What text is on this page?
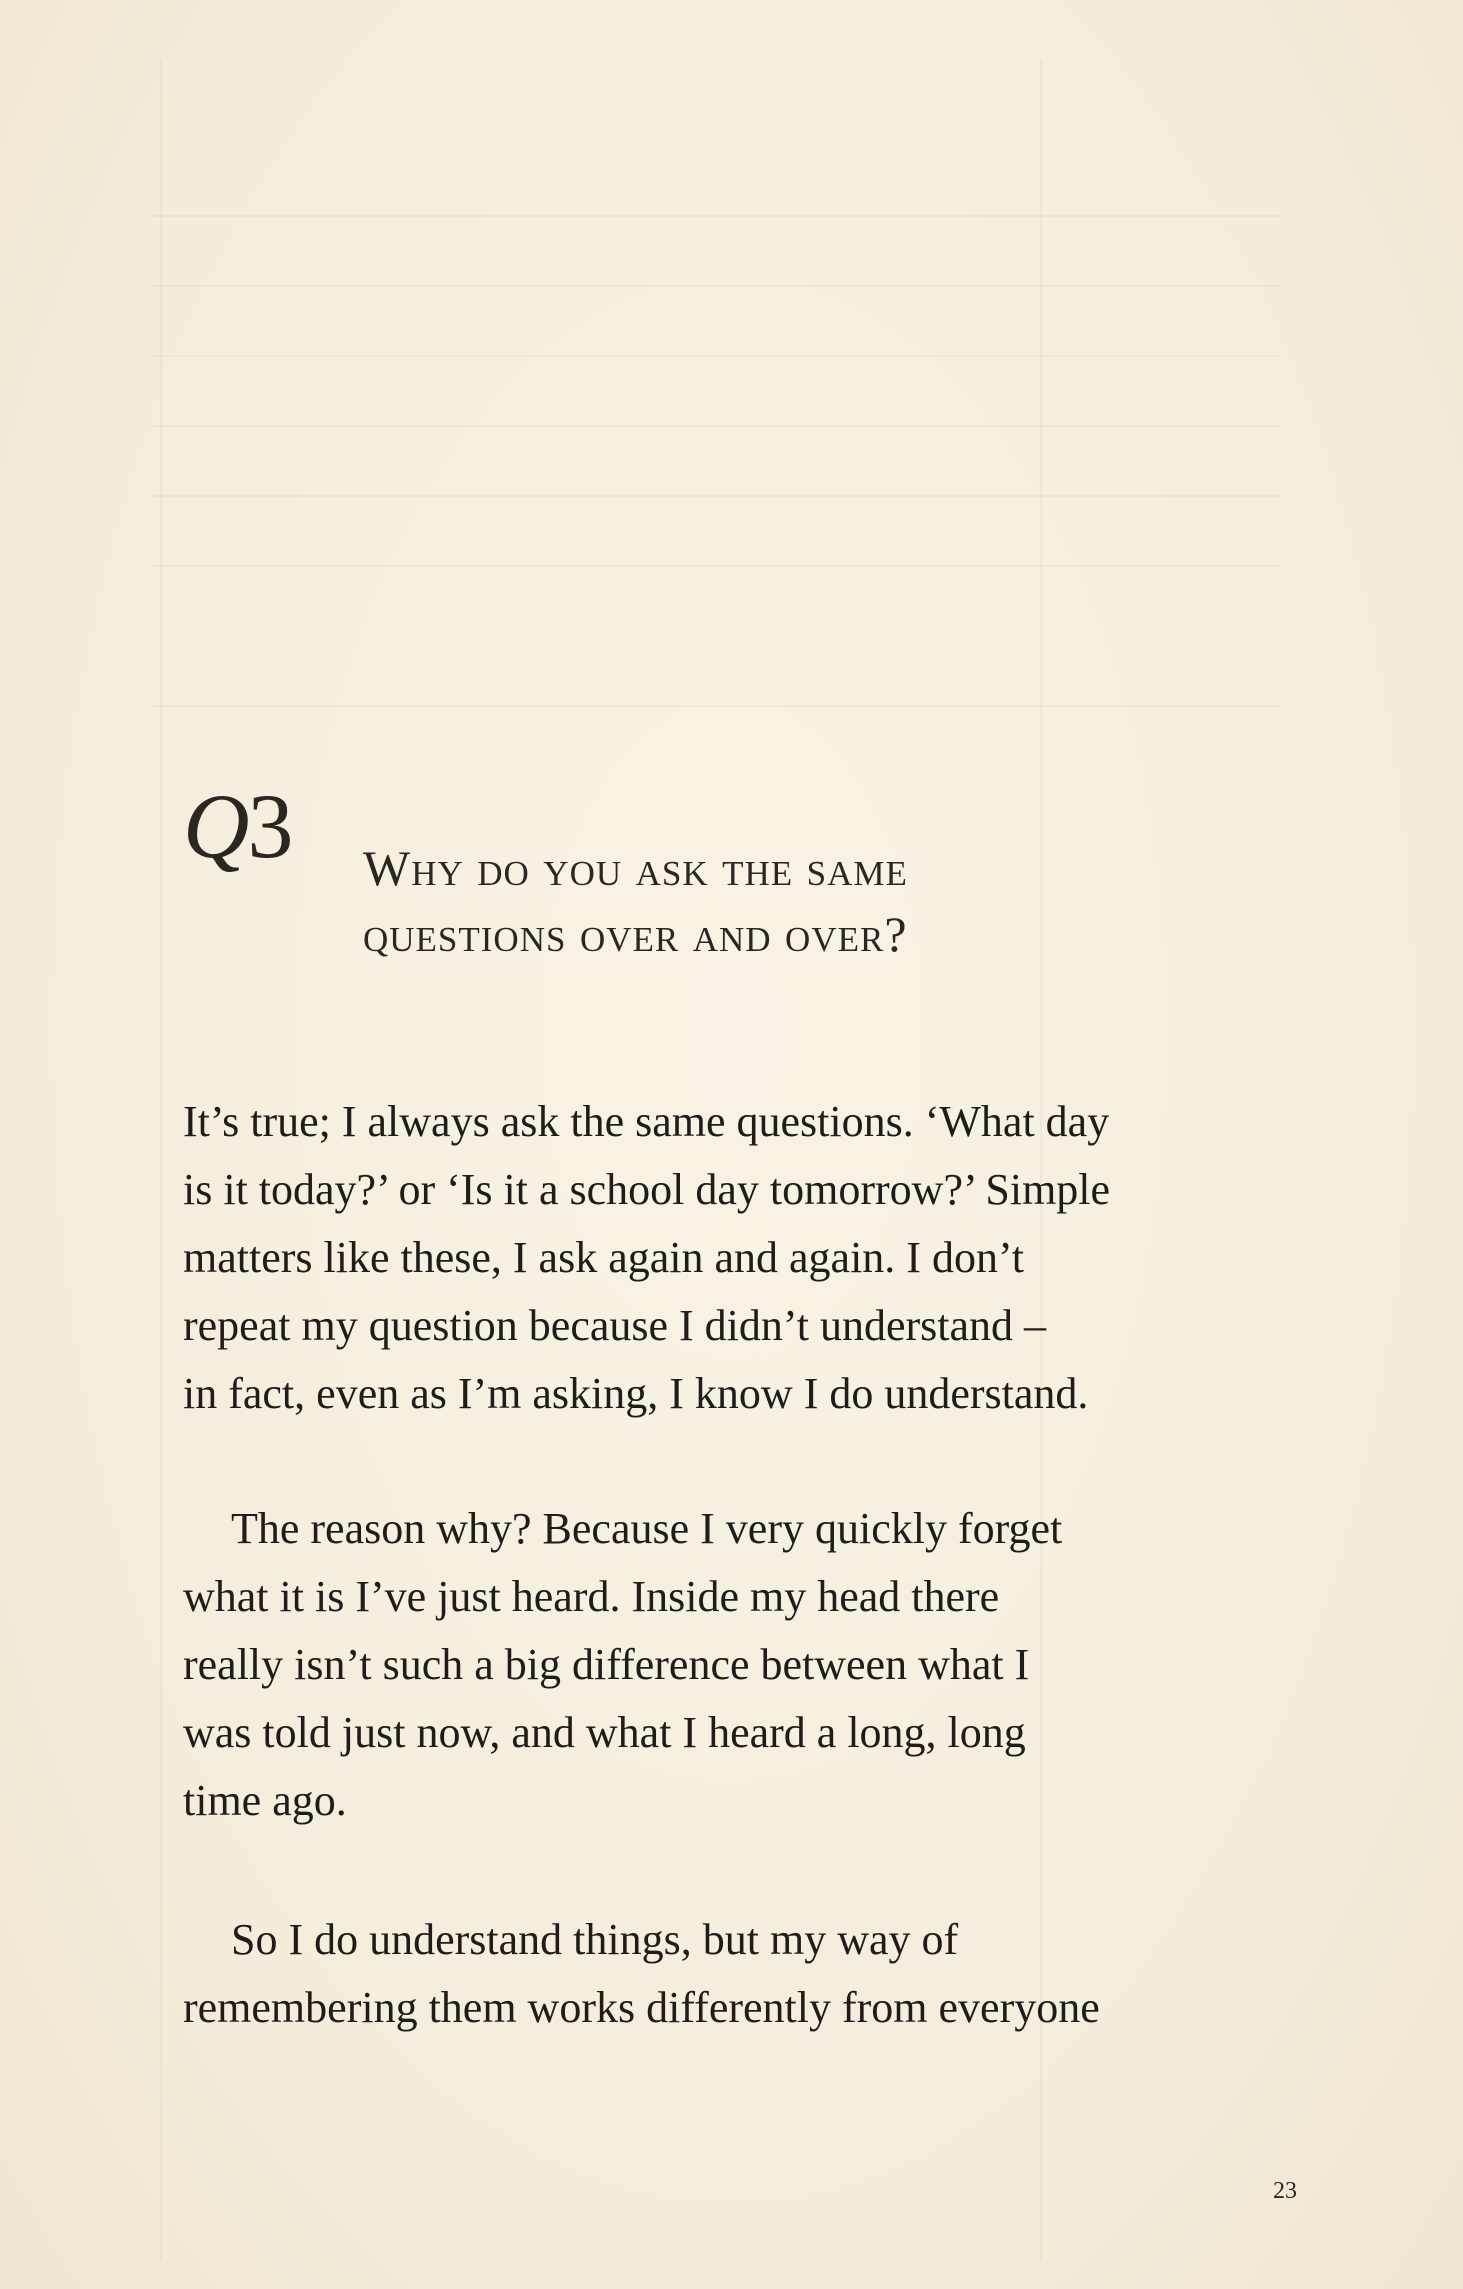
Q3 Why do you ask the same
questions over and over?
It’s true; I always ask the same questions. ‘What day
is it today?’ or ‘Is it a school day tomorrow?’ Simple
matters like these, I ask again and again. I don’t
repeat my question because I didn’t understand –
in fact, even as I’m asking, I know I do understand.
The reason why? Because I very quickly forget
what it is I’ve just heard. Inside my head there
really isn’t such a big difference between what I
was told just now, and what I heard a long, long
time ago.
So I do understand things, but my way of
remembering them works differently from everyone
23
